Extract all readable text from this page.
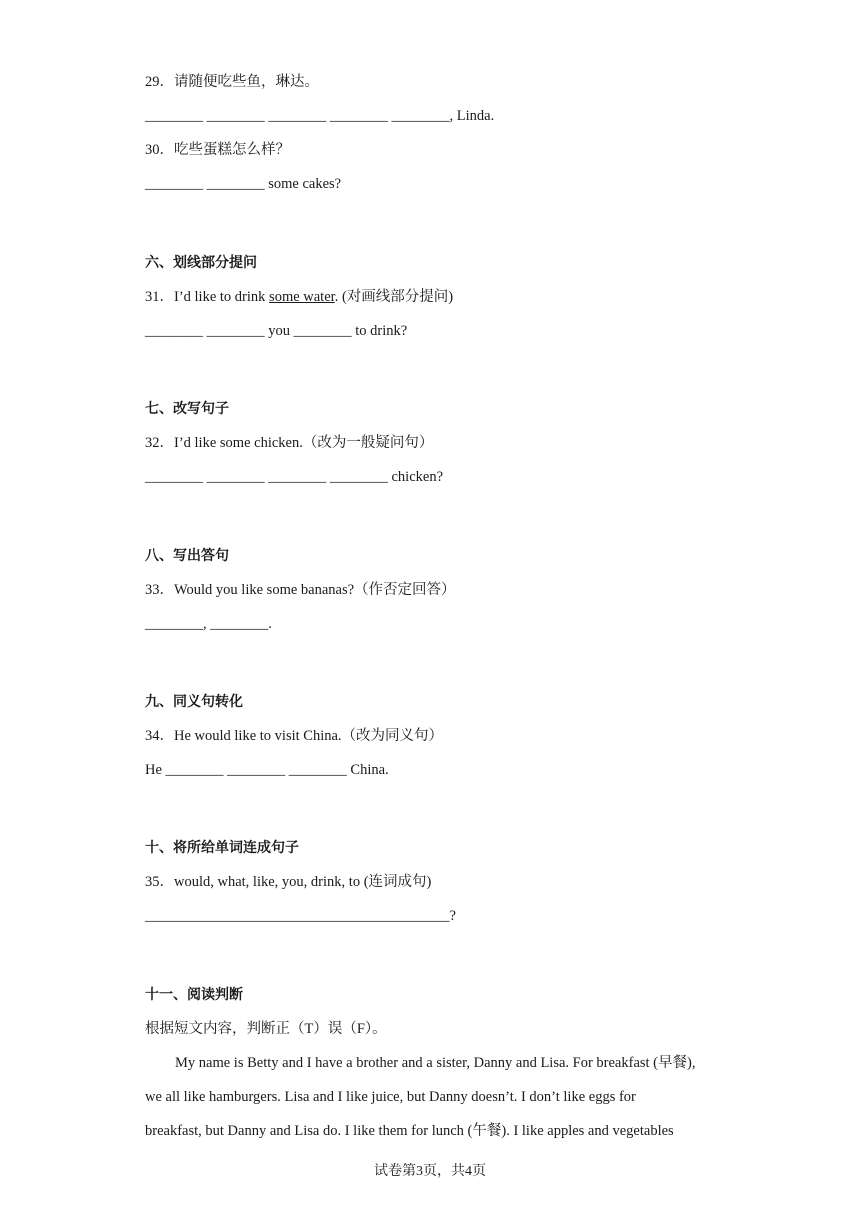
29．请随便吃些鱼，琳达。
________ ________ ________ ________ ________, Linda.
30．吃些蛋糕怎么样？
________ ________ some cakes?
六、划线部分提问
31．I’d like to drink some water. (对画线部分提问)
________ ________ you ________ to drink?
七、改写句子
32．I’d like some chicken.（改为一般疑问句）
________ ________ ________ ________ chicken?
八、写出答句
33．Would you like some bananas?（作否定回答）
________, ________.
九、同义句转化
34．He would like to visit China.（改为同义句）
He ________ ________ ________ China.
十、将所给单词连成句子
35．would, what, like, you, drink, to (连词成句)
__________________________________________?
十一、阅读判断
根据短文内容，判断正（T）误（F）。
My name is Betty and I have a brother and a sister, Danny and Lisa. For breakfast (早餐),
we all like hamburgers. Lisa and I like juice, but Danny doesn’t. I don’t like eggs for
breakfast, but Danny and Lisa do. I like them for lunch (午餐). I like apples and vegetables
试卷第3页，共4页
